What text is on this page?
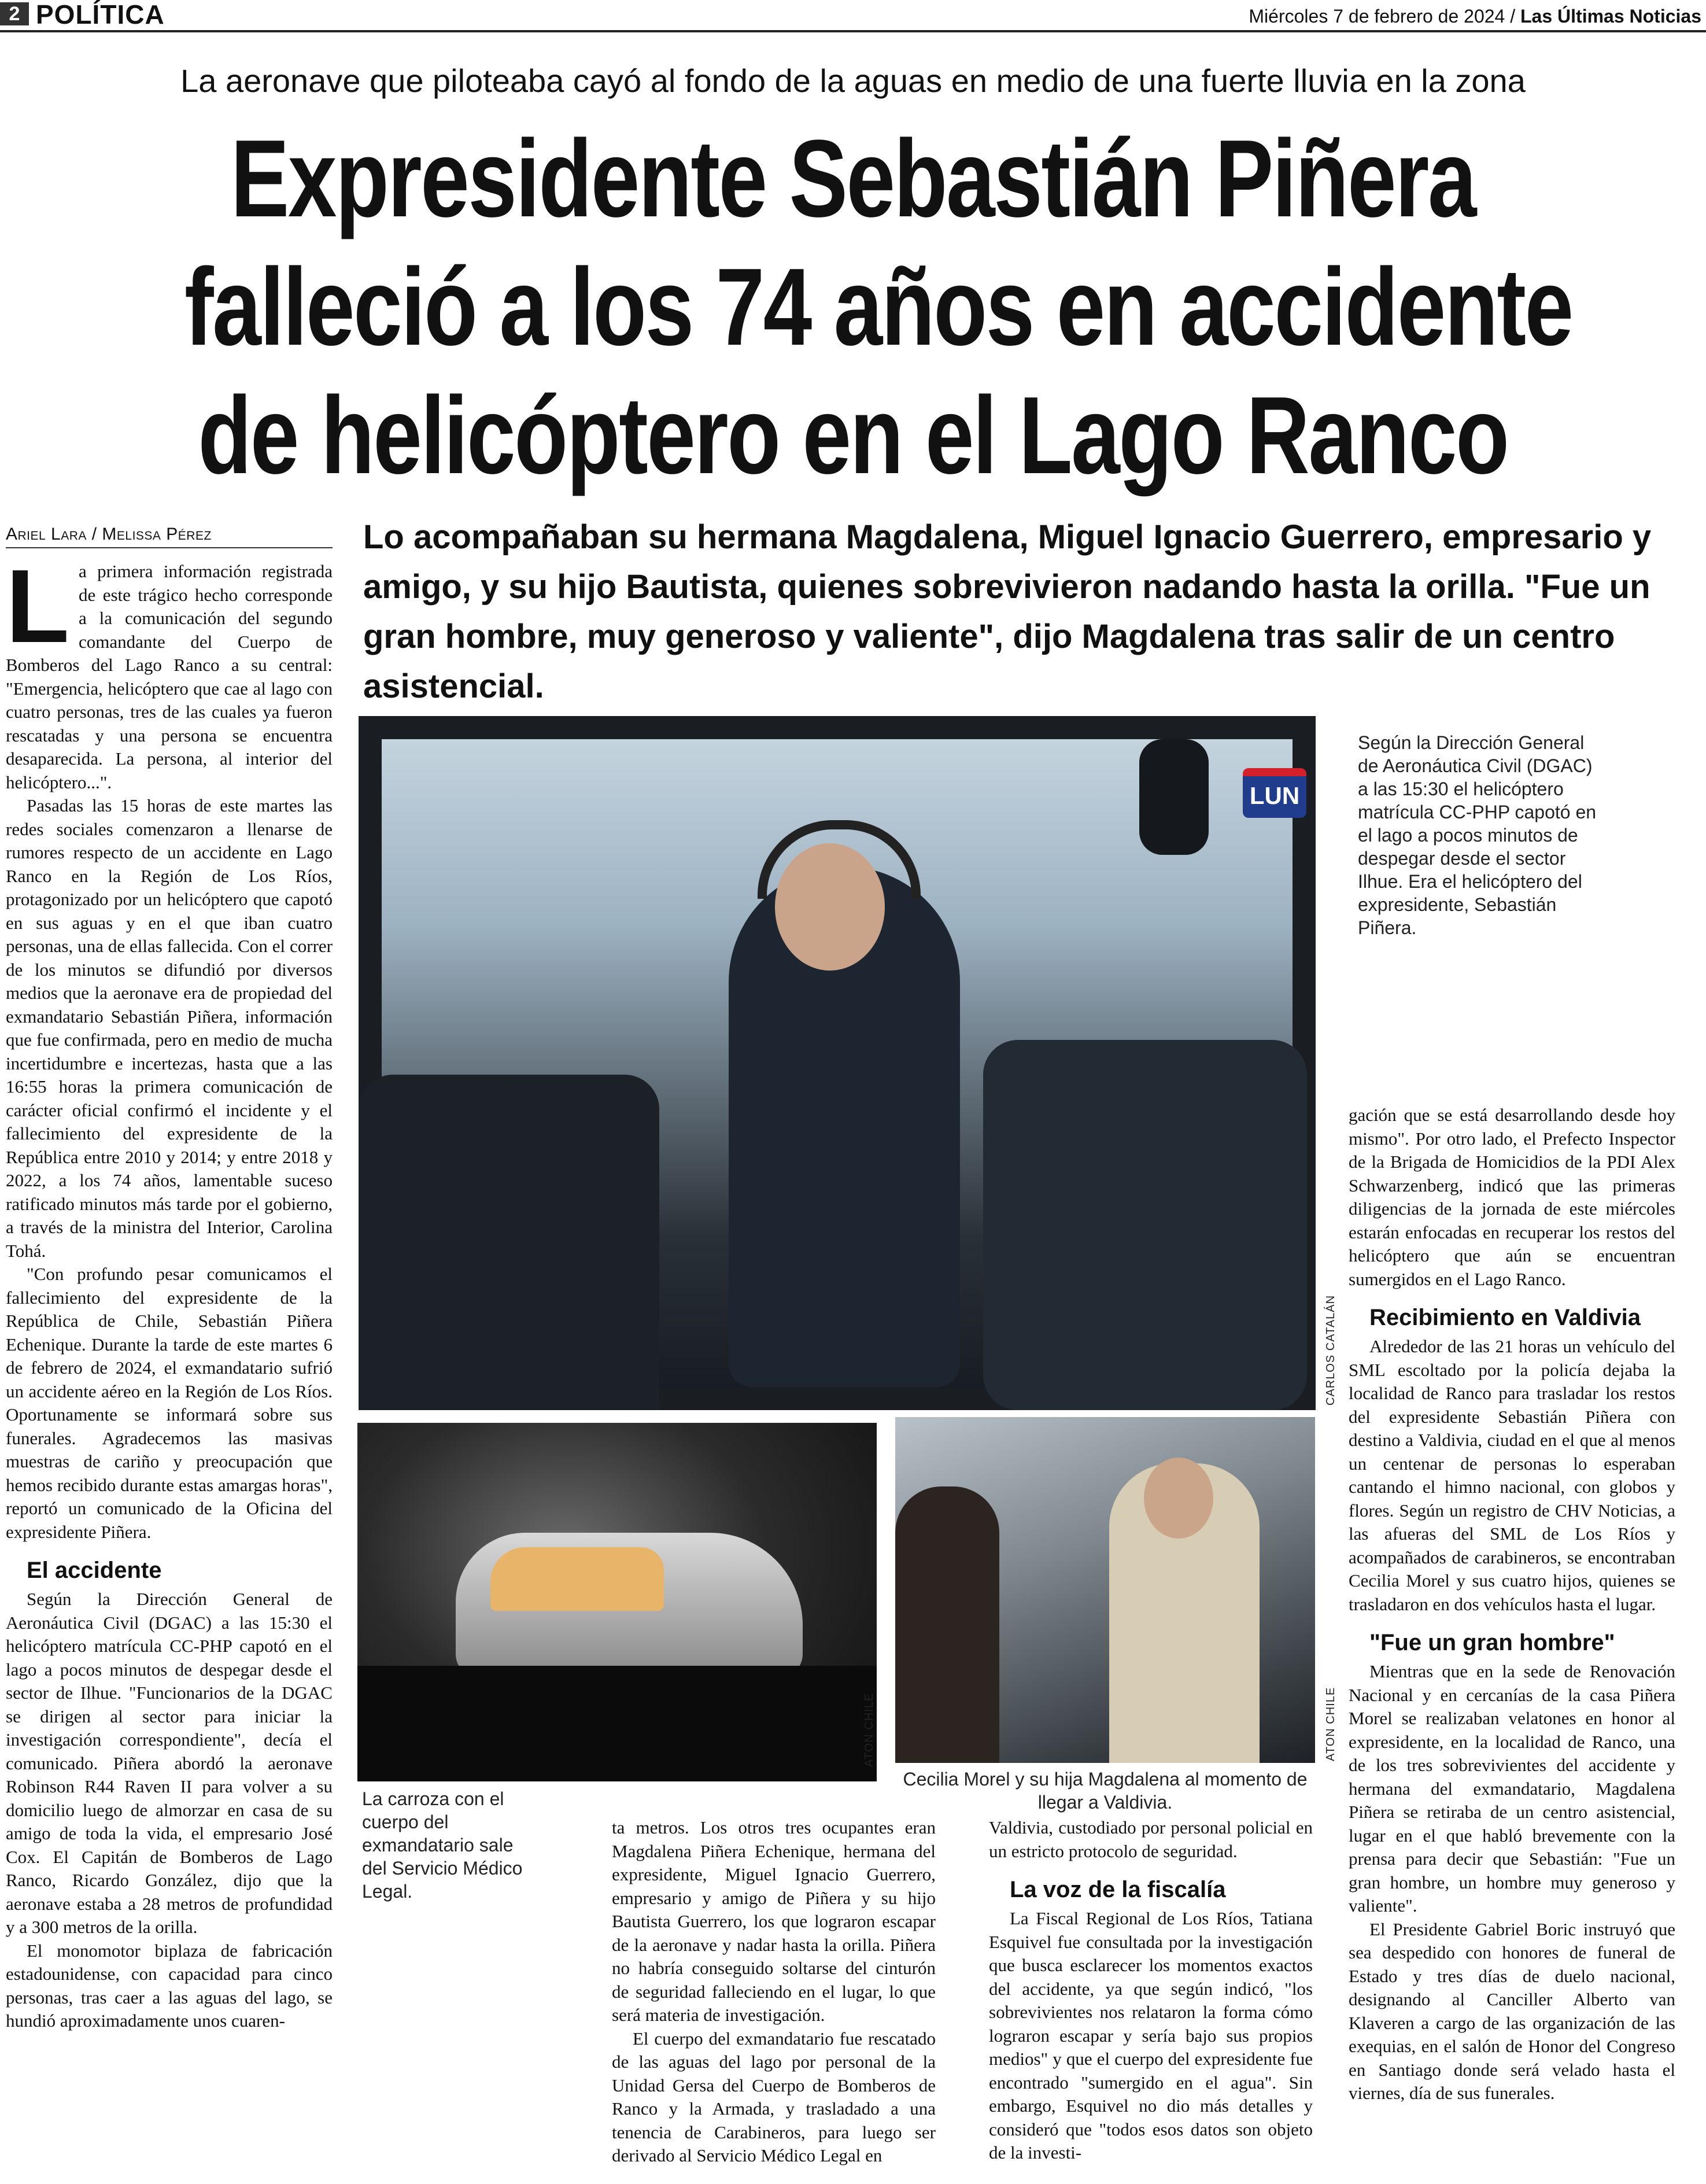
2 POLÍTICA	Miércoles 7 de febrero de 2024 / Las Últimas Noticias
La aeronave que piloteaba cayó al fondo de la aguas en medio de una fuerte lluvia en la zona
Expresidente Sebastián Piñera
falleció a los 74 años en accidente
de helicóptero en el Lago Ranco
Ariel Lara / Melissa Pérez	Lo acompañaban su hermana Magdalena, Miguel Ignacio Guerrero, empresario y amigo, y su hijo Bautista, quienes sobrevivieron nadando hasta la orilla. "Fue un gran hombre, muy generoso y valiente", dijo Magdalena tras salir de un centro asistencial.
LUN
CARLOS CATALÁN
Según la Dirección General de Aeronáutica Civil (DGAC) a las 15:30 el helicóptero matrícula CC-PHP capotó en el lago a pocos minutos de despegar desde el sector Ilhue. Era el helicóptero del expresidente, Sebastián Piñera.
ATON CHILE
La carroza con el cuerpo del exmandatario sale del Servicio Médico Legal.
ATON CHILE
Cecilia Morel y su hija Magdalena al momento de llegar a Valdivia.

La primera información registrada de este trágico hecho corresponde a la comunicación del segundo comandante del Cuerpo de Bomberos del Lago Ranco a su central: "Emergencia, helicóptero que cae al lago con cuatro personas, tres de las cuales ya fueron rescatadas y una persona se encuentra desaparecida. La persona, al interior del helicóptero...".

Pasadas las 15 horas de este martes las redes sociales comenzaron a llenarse de rumores respecto de un accidente en Lago Ranco en la Región de Los Ríos, protagonizado por un helicóptero que capotó en sus aguas y en el que iban cuatro personas, una de ellas fallecida. Con el correr de los minutos se difundió por diversos medios que la aeronave era de propiedad del exmandatario Sebastián Piñera, información que fue confirmada, pero en medio de mucha incertidumbre e incertezas, hasta que a las 16:55 horas la primera comunicación de carácter oficial confirmó el incidente y el fallecimiento del expresidente de la República entre 2010 y 2014; y entre 2018 y 2022, a los 74 años, lamentable suceso ratificado minutos más tarde por el gobierno, a través de la ministra del Interior, Carolina Tohá.

"Con profundo pesar comunicamos el fallecimiento del expresidente de la República de Chile, Sebastián Piñera Echenique. Durante la tarde de este martes 6 de febrero de 2024, el exmandatario sufrió un accidente aéreo en la Región de Los Ríos. Oportunamente se informará sobre sus funerales. Agradecemos las masivas muestras de cariño y preocupación que hemos recibido durante estas amargas horas", reportó un comunicado de la Oficina del expresidente Piñera.

El accidente

Según la Dirección General de Aeronáutica Civil (DGAC) a las 15:30 el helicóptero matrícula CC-PHP capotó en el lago a pocos minutos de despegar desde el sector de Ilhue. "Funcionarios de la DGAC se dirigen al sector para iniciar la investigación correspondiente", decía el comunicado. Piñera abordó la aeronave Robinson R44 Raven II para volver a su domicilio luego de almorzar en casa de su amigo de toda la vida, el empresario José Cox. El Capitán de Bomberos de Lago Ranco, Ricardo González, dijo que la aeronave estaba a 28 metros de profundidad y a 300 metros de la orilla.

El monomotor biplaza de fabricación estadounidense, con capacidad para cinco personas, tras caer a las aguas del lago, se hundió aproximadamente unos cuaren-

ta metros. Los otros tres ocupantes eran Magdalena Piñera Echenique, hermana del expresidente, Miguel Ignacio Guerrero, empresario y amigo de Piñera y su hijo Bautista Guerrero, los que lograron escapar de la aeronave y nadar hasta la orilla. Piñera no habría conseguido soltarse del cinturón de seguridad falleciendo en el lugar, lo que será materia de investigación.

El cuerpo del exmandatario fue rescatado de las aguas del lago por personal de la Unidad Gersa del Cuerpo de Bomberos de Ranco y la Armada, y trasladado a una tenencia de Carabineros, para luego ser derivado al Servicio Médico Legal en

Valdivia, custodiado por personal policial en un estricto protocolo de seguridad.

La voz de la fiscalía

La Fiscal Regional de Los Ríos, Tatiana Esquivel fue consultada por la investigación que busca esclarecer los momentos exactos del accidente, ya que según indicó, "los sobrevivientes nos relataron la forma cómo lograron escapar y sería bajo sus propios medios" y que el cuerpo del expresidente fue encontrado "sumergido en el agua". Sin embargo, Esquivel no dio más detalles y consideró que "todos esos datos son objeto de la investi-

gación que se está desarrollando desde hoy mismo". Por otro lado, el Prefecto Inspector de la Brigada de Homicidios de la PDI Alex Schwarzenberg, indicó que las primeras diligencias de la jornada de este miércoles estarán enfocadas en recuperar los restos del helicóptero que aún se encuentran sumergidos en el Lago Ranco.

Recibimiento en Valdivia

Alrededor de las 21 horas un vehículo del SML escoltado por la policía dejaba la localidad de Ranco para trasladar los restos del expresidente Sebastián Piñera con destino a Valdivia, ciudad en el que al menos un centenar de personas lo esperaban cantando el himno nacional, con globos y flores. Según un registro de CHV Noticias, a las afueras del SML de Los Ríos y acompañados de carabineros, se encontraban Cecilia Morel y sus cuatro hijos, quienes se trasladaron en dos vehículos hasta el lugar.

"Fue un gran hombre"

Mientras que en la sede de Renovación Nacional y en cercanías de la casa Piñera Morel se realizaban velatones en honor al expresidente, en la localidad de Ranco, una de los tres sobrevivientes del accidente y hermana del exmandatario, Magdalena Piñera se retiraba de un centro asistencial, lugar en el que habló brevemente con la prensa para decir que Sebastián: "Fue un gran hombre, un hombre muy generoso y valiente".

El Presidente Gabriel Boric instruyó que sea despedido con honores de funeral de Estado y tres días de duelo nacional, designando al Canciller Alberto van Klaveren a cargo de las organización de las exequias, en el salón de Honor del Congreso en Santiago donde será velado hasta el viernes, día de sus funerales.
